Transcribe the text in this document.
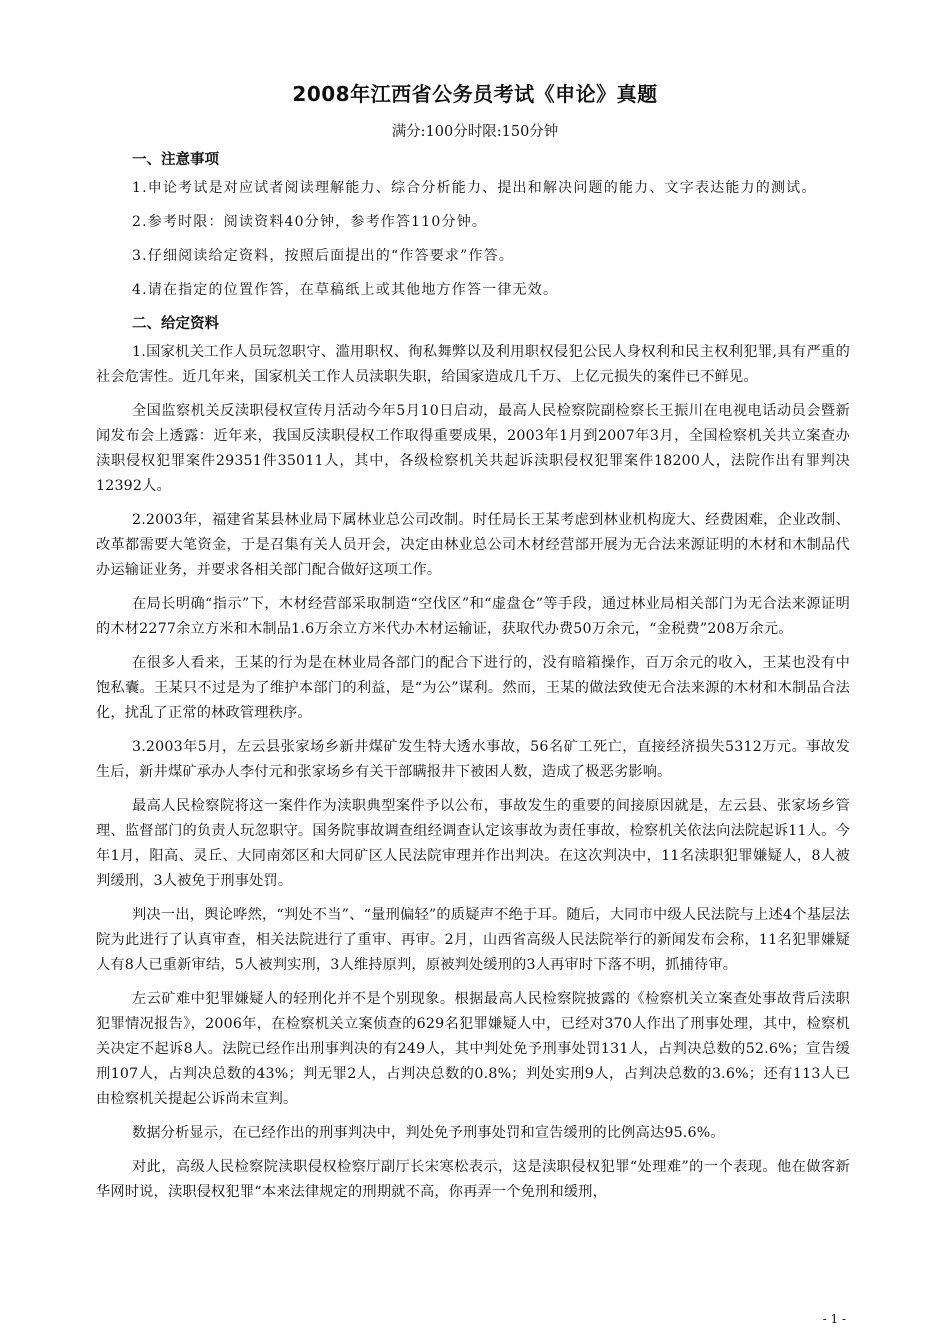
2008年江西省公务员考试《申论》真题
满分:100分时限:150分钟
一、注意事项

1.申论考试是对应试者阅读理解能力、综合分析能力、提出和解决问题的能力、文字表达能力的测试。

2.参考时限：阅读资料40分钟，参考作答110分钟。

3.仔细阅读给定资料，按照后面提出的“作答要求”作答。

4.请在指定的位置作答，在草稿纸上或其他地方作答一律无效。

二、给定资料

1.国家机关工作人员玩忽职守、滥用职权、徇私舞弊以及利用职权侵犯公民人身权利和民主权利犯罪,具有严重的社会危害性。近几年来，国家机关工作人员渎职失职，给国家造成几千万、上亿元损失的案件已不鲜见。

全国监察机关反渎职侵权宣传月活动今年5月10日启动，最高人民检察院副检察长王振川在电视电话动员会暨新闻发布会上透露：近年来，我国反渎职侵权工作取得重要成果，2003年1月到2007年3月，全国检察机关共立案查办渎职侵权犯罪案件29351件35011人，其中，各级检察机关共起诉渎职侵权犯罪案件18200人，法院作出有罪判决12392人。

2.2003年，福建省某县林业局下属林业总公司改制。时任局长王某考虑到林业机构庞大、经费困难，企业改制、改革都需要大笔资金，于是召集有关人员开会，决定由林业总公司木材经营部开展为无合法来源证明的木材和木制品代办运输证业务，并要求各相关部门配合做好这项工作。

在局长明确“指示”下，木材经营部采取制造“空伐区”和“虚盘仓”等手段，通过林业局相关部门为无合法来源证明的木材2277余立方米和木制品1.6万余立方米代办木材运输证，获取代办费50万余元，“金税费”208万余元。

在很多人看来，王某的行为是在林业局各部门的配合下进行的，没有暗箱操作，百万余元的收入，王某也没有中饱私囊。王某只不过是为了维护本部门的利益，是“为公”谋利。然而，王某的做法致使无合法来源的木材和木制品合法化，扰乱了正常的林政管理秩序。

3.2003年5月，左云县张家场乡新井煤矿发生特大透水事故，56名矿工死亡，直接经济损失5312万元。事故发生后，新井煤矿承办人李付元和张家场乡有关干部瞒报井下被困人数，造成了极恶劣影响。

最高人民检察院将这一案件作为渎职典型案件予以公布，事故发生的重要的间接原因就是，左云县、张家场乡管理、监督部门的负责人玩忽职守。国务院事故调查组经调查认定该事故为责任事故，检察机关依法向法院起诉11人。今年1月，阳高、灵丘、大同南郊区和大同矿区人民法院审理并作出判决。在这次判决中，11名渎职犯罪嫌疑人，8人被判缓刑，3人被免于刑事处罚。

判决一出，舆论哗然，“判处不当”、“量刑偏轻”的质疑声不绝于耳。随后，大同市中级人民法院与上述4个基层法院为此进行了认真审查，相关法院进行了重审、再审。2月，山西省高级人民法院举行的新闻发布会称，11名犯罪嫌疑人有8人已重新审结，5人被判实刑，3人维持原判，原被判处缓刑的3人再审时下落不明，抓捕待审。

左云矿难中犯罪嫌疑人的轻刑化并不是个别现象。根据最高人民检察院披露的《检察机关立案查处事故背后渎职犯罪情况报告》，2006年，在检察机关立案侦查的629名犯罪嫌疑人中，已经对370人作出了刑事处理，其中，检察机关决定不起诉8人。法院已经作出刑事判决的有249人，其中判处免予刑事处罚131人，占判决总数的52.6%；宣告缓刑107人，占判决总数的43%；判无罪2人，占判决总数的0.8%；判处实刑9人，占判决总数的3.6%；还有113人已由检察机关提起公诉尚未宣判。

数据分析显示，在已经作出的刑事判决中，判处免予刑事处罚和宣告缓刑的比例高达95.6%。

对此，高级人民检察院渎职侵权检察厅副厅长宋寒松表示，这是渎职侵权犯罪“处理难”的一个表现。他在做客新华网时说，渎职侵权犯罪“本来法律规定的刑期就不高，你再弄一个免刑和缓刑，

- 1 -
